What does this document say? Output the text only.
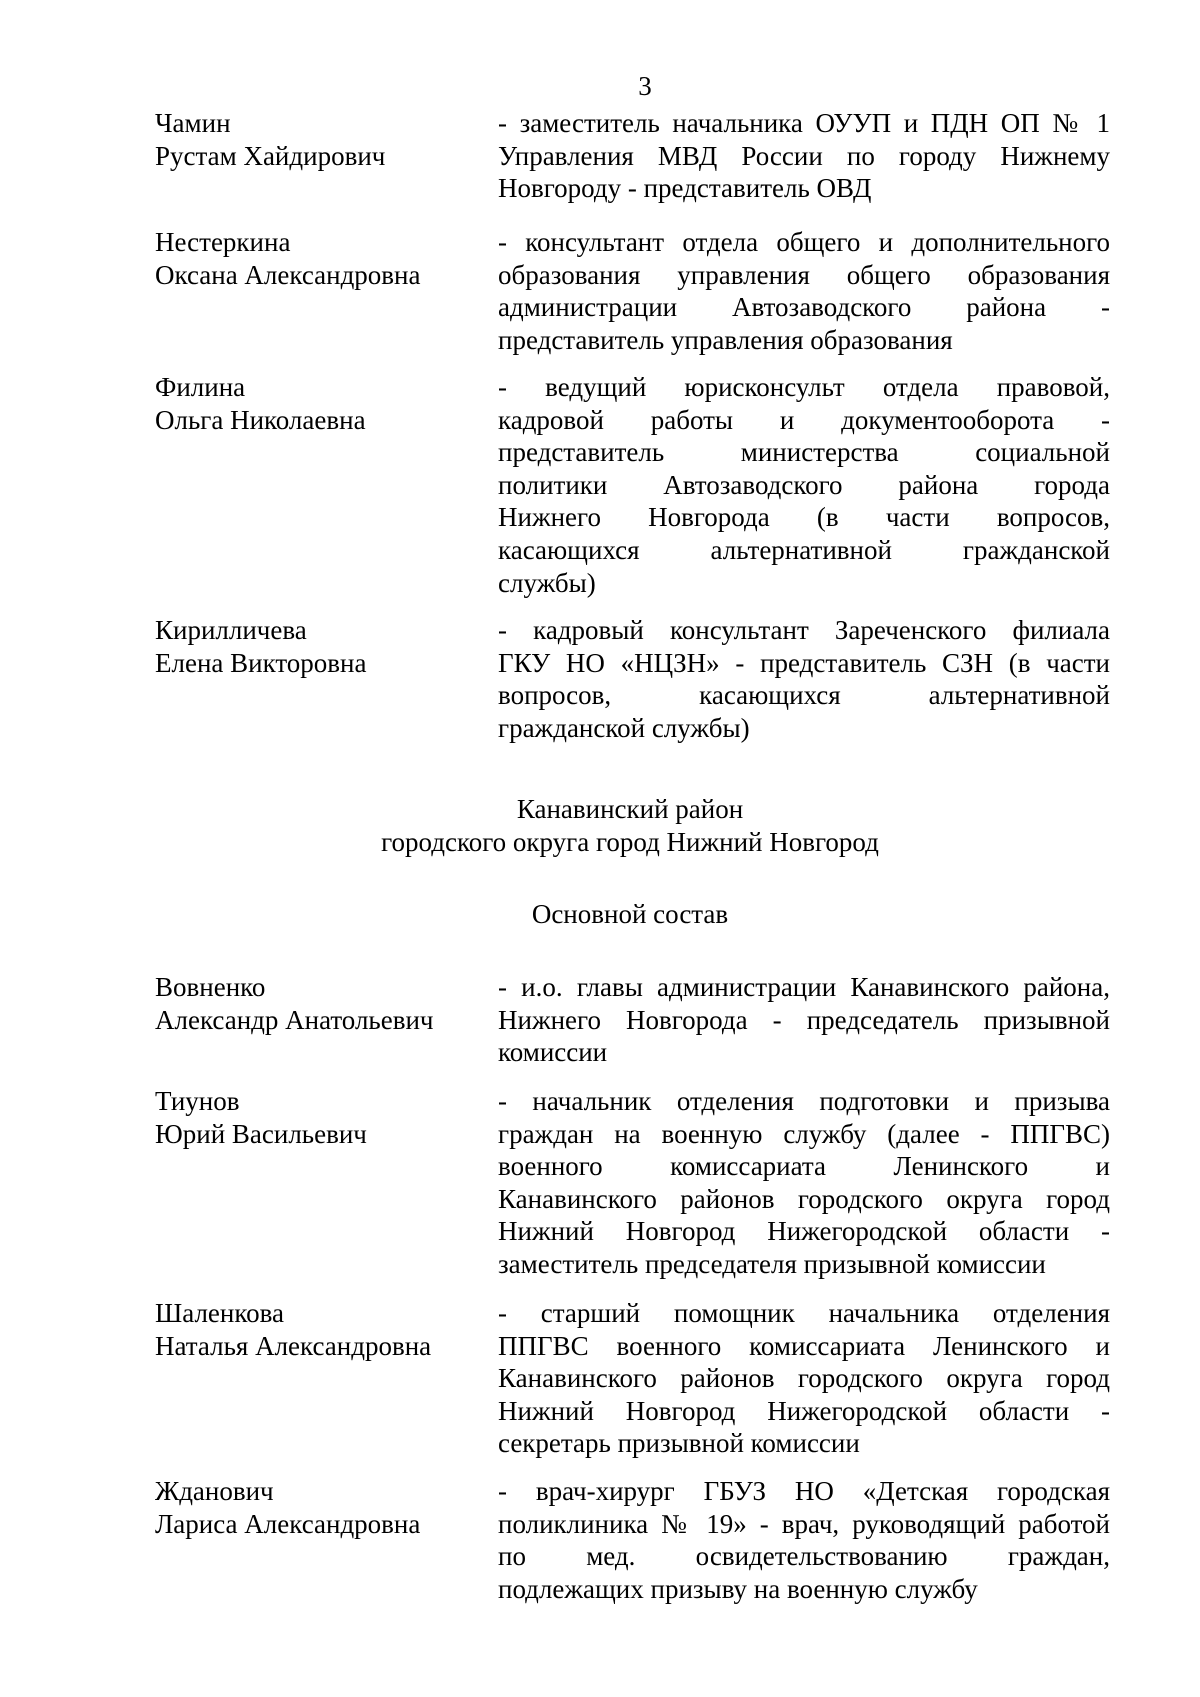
3
Чамин
Рустам Хайдирович
- заместитель начальника ОУУП и ПДН ОП № 1
Управления МВД России по городу Нижнему
Новгороду - представитель ОВД
Нестеркина
Оксана Александровна
- консультант отдела общего и дополнительного
образования управления общего образования
администрации Автозаводского района -
представитель управления образования
Филина
Ольга Николаевна
- ведущий юрисконсульт отдела правовой,
кадровой работы и документооборота -
представитель министерства социальной
политики Автозаводского района города
Нижнего Новгорода (в части вопросов,
касающихся альтернативной гражданской
службы)
Кирилличева
Елена Викторовна
- кадровый консультант Зареченского филиала
ГКУ НО «НЦЗН» - представитель СЗН (в части
вопросов, касающихся альтернативной
гражданской службы)
Канавинский район
городского округа город Нижний Новгород
Основной состав
Вовненко
Александр Анатольевич
- и.о. главы администрации Канавинского района,
Нижнего Новгорода - председатель призывной
комиссии
Тиунов
Юрий Васильевич
- начальник отделения подготовки и призыва
граждан на военную службу (далее - ППГВС)
военного комиссариата Ленинского и
Канавинского районов городского округа город
Нижний Новгород Нижегородской области -
заместитель председателя призывной комиссии
Шаленкова
Наталья Александровна
- старший помощник начальника отделения
ППГВС военного комиссариата Ленинского и
Канавинского районов городского округа город
Нижний Новгород Нижегородской области -
секретарь призывной комиссии
Жданович
Лариса Александровна
- врач-хирург ГБУЗ НО «Детская городская
поликлиника № 19» - врач, руководящий работой
по мед. освидетельствованию граждан,
подлежащих призыву на военную службу
